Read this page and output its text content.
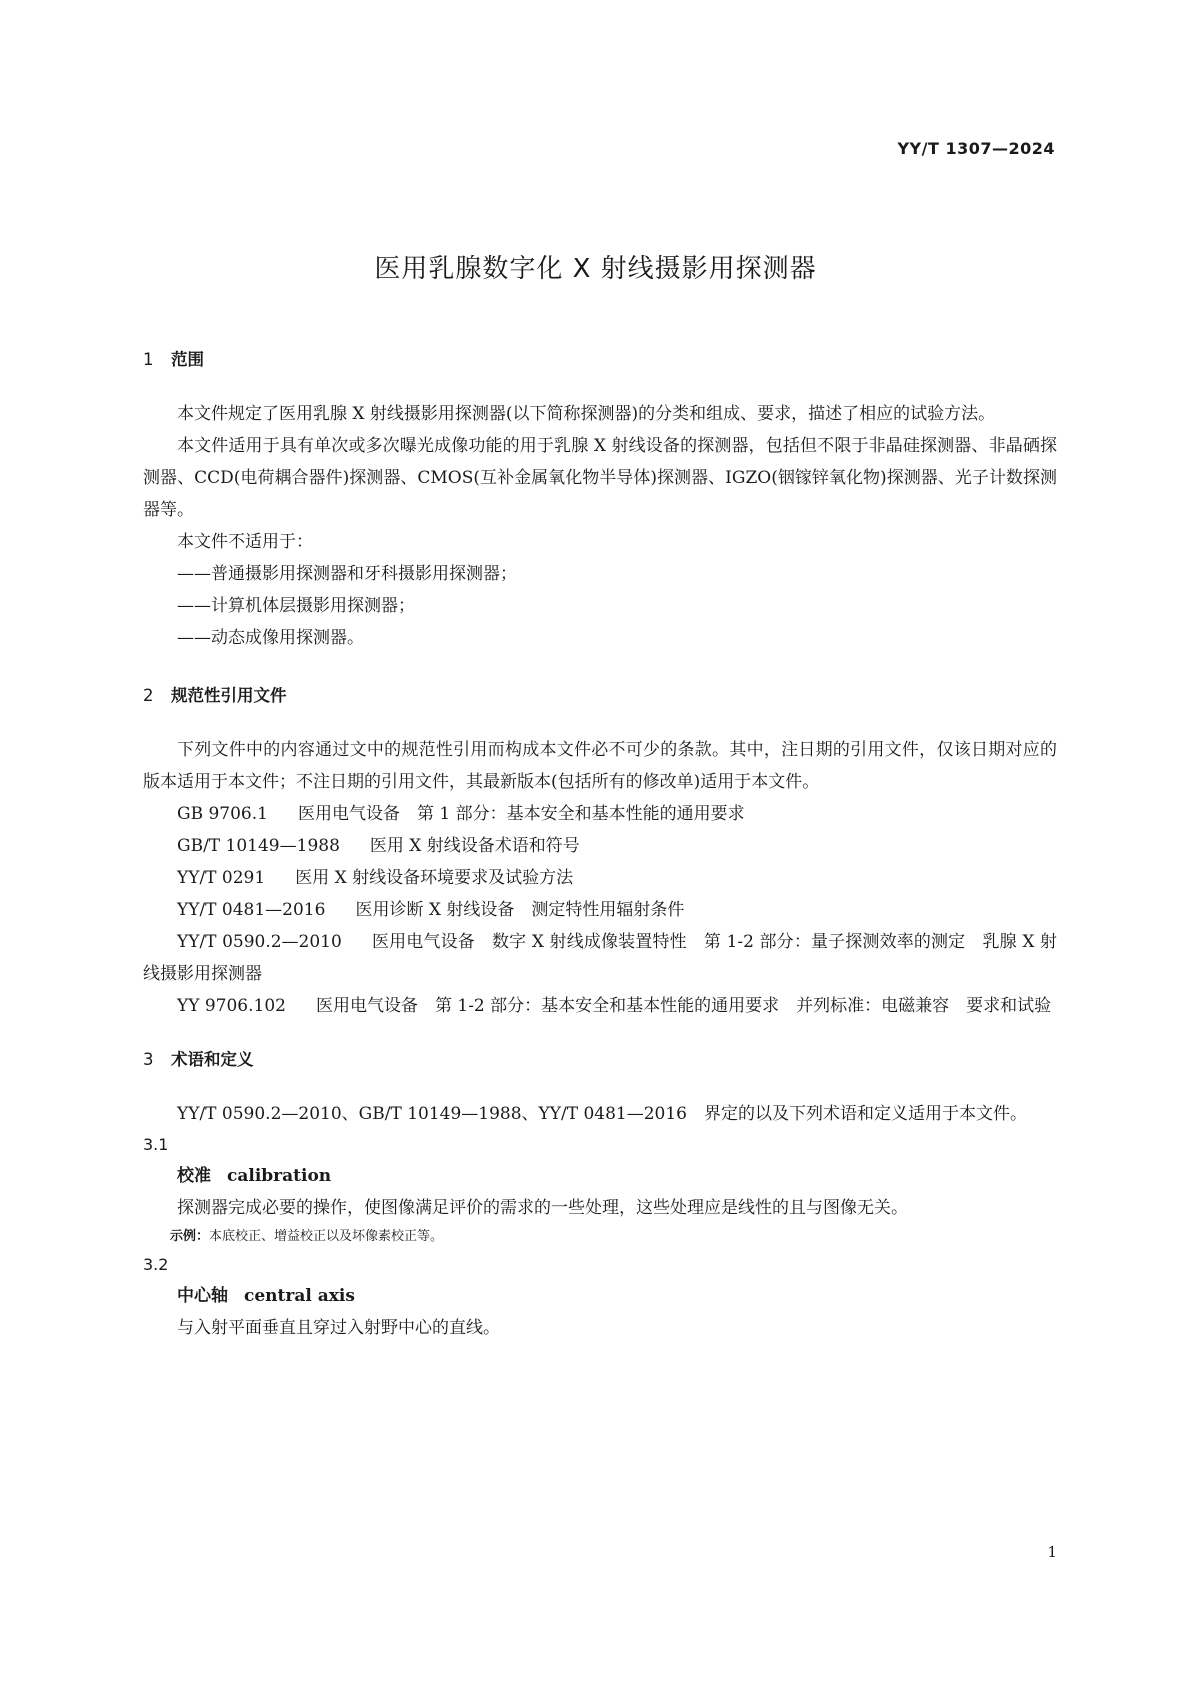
YY/T 1307—2024
医用乳腺数字化 X 射线摄影用探测器
1 范围

本文件规定了医用乳腺 X 射线摄影用探测器(以下简称探测器)的分类和组成、要求，描述了相应的试验方法。

本文件适用于具有单次或多次曝光成像功能的用于乳腺 X 射线设备的探测器，包括但不限于非晶硅探测器、非晶硒探测器、CCD(电荷耦合器件)探测器、CMOS(互补金属氧化物半导体)探测器、IGZO(铟镓锌氧化物)探测器、光子计数探测器等。

本文件不适用于：

——普通摄影用探测器和牙科摄影用探测器；

——计算机体层摄影用探测器；

——动态成像用探测器。

2 规范性引用文件

下列文件中的内容通过文中的规范性引用而构成本文件必不可少的条款。其中，注日期的引用文件，仅该日期对应的版本适用于本文件；不注日期的引用文件，其最新版本(包括所有的修改单)适用于本文件。

GB 9706.1 医用电气设备　第 1 部分：基本安全和基本性能的通用要求

GB/T 10149—1988 医用 X 射线设备术语和符号

YY/T 0291 医用 X 射线设备环境要求及试验方法

YY/T 0481—2016 医用诊断 X 射线设备　测定特性用辐射条件

YY/T 0590.2—2010 医用电气设备　数字 X 射线成像装置特性　第 1-2 部分：量子探测效率的测定　乳腺 X 射线摄影用探测器

YY 9706.102 医用电气设备　第 1-2 部分：基本安全和基本性能的通用要求　并列标准：电磁兼容　要求和试验

3 术语和定义

YY/T 0590.2—2010、GB/T 10149—1988、YY/T 0481—2016　界定的以及下列术语和定义适用于本文件。

3.1

校准 calibration

探测器完成必要的操作，使图像满足评价的需求的一些处理，这些处理应是线性的且与图像无关。

示例：本底校正、增益校正以及坏像素校正等。

3.2

中心轴 central axis

与入射平面垂直且穿过入射野中心的直线。

1
